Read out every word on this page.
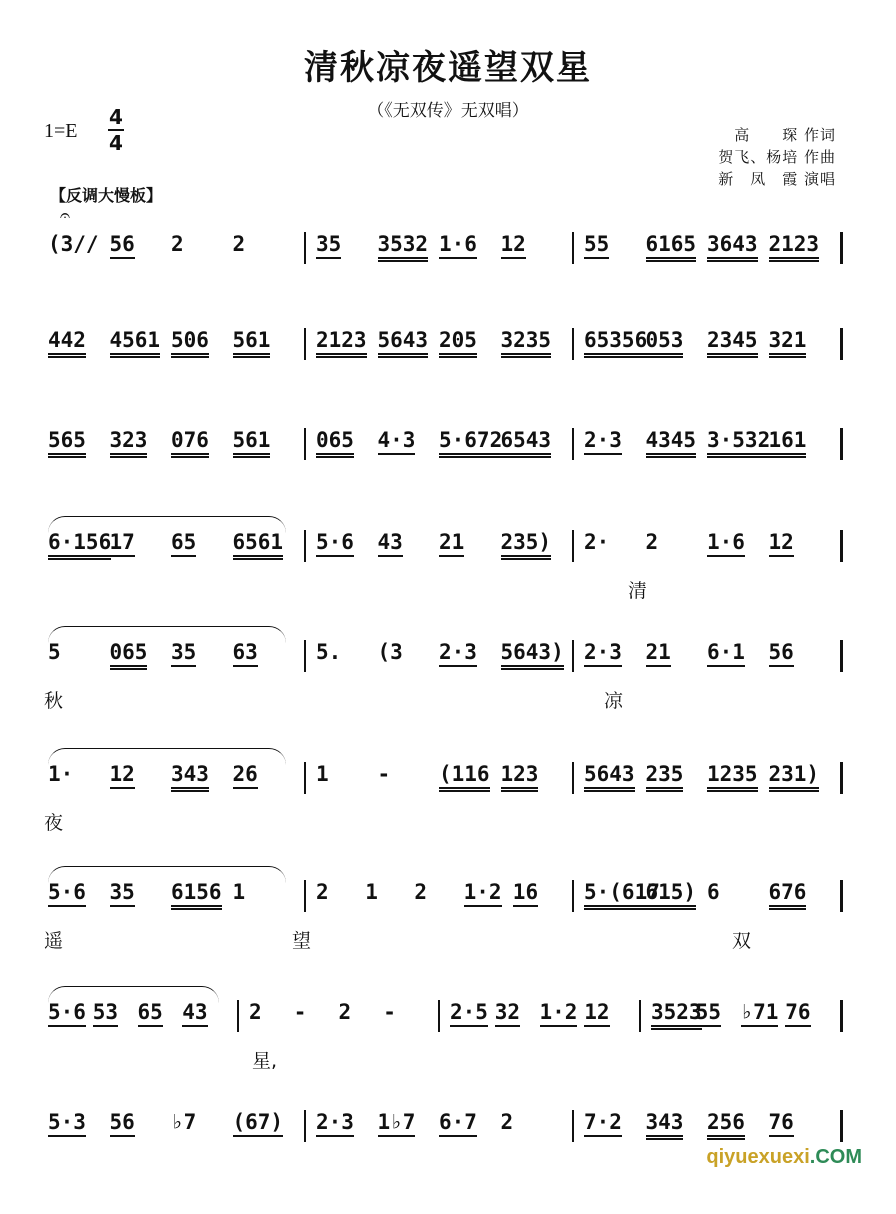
清秋凉夜遥望双星
（《无双传》无双唱）
1=E
4
4	高　　琛 作词
贺飞、杨培 作曲
新　凤　霞 演唱
【反调大慢板】
𝄐
(3// 56 2 2	35 3532 1·6 12	55 6165 3643 2123
442 4561 506 561 2123 5643 205 3235 65356
053 2345 321
565 323 076 561 065 4·3 5·672
6543 2·3 4345 3·532
161
6·156
17 65 6561 5·6 43 21 235) 2· 2 1·6 12
清
5 065 35 63	5. (3 2·3 5643) 2·3 21 6·1 56
秋	凉
1· 12 343 26	1 - (116 123 5643 235 1235 231)
夜
5·6 35 6156 1	2 1 2 1·2 16 5·(617
615) 6 676
遥	望	双
5·6 53 65 43 2 - 2 -	2·5 32 1·2 12 3523
55 ♭71 76
星,
5·3 56 ♭7 (67) 2·3 1♭7 6·7 2	7·2 343 256 76
qiyuexuexi.COM
